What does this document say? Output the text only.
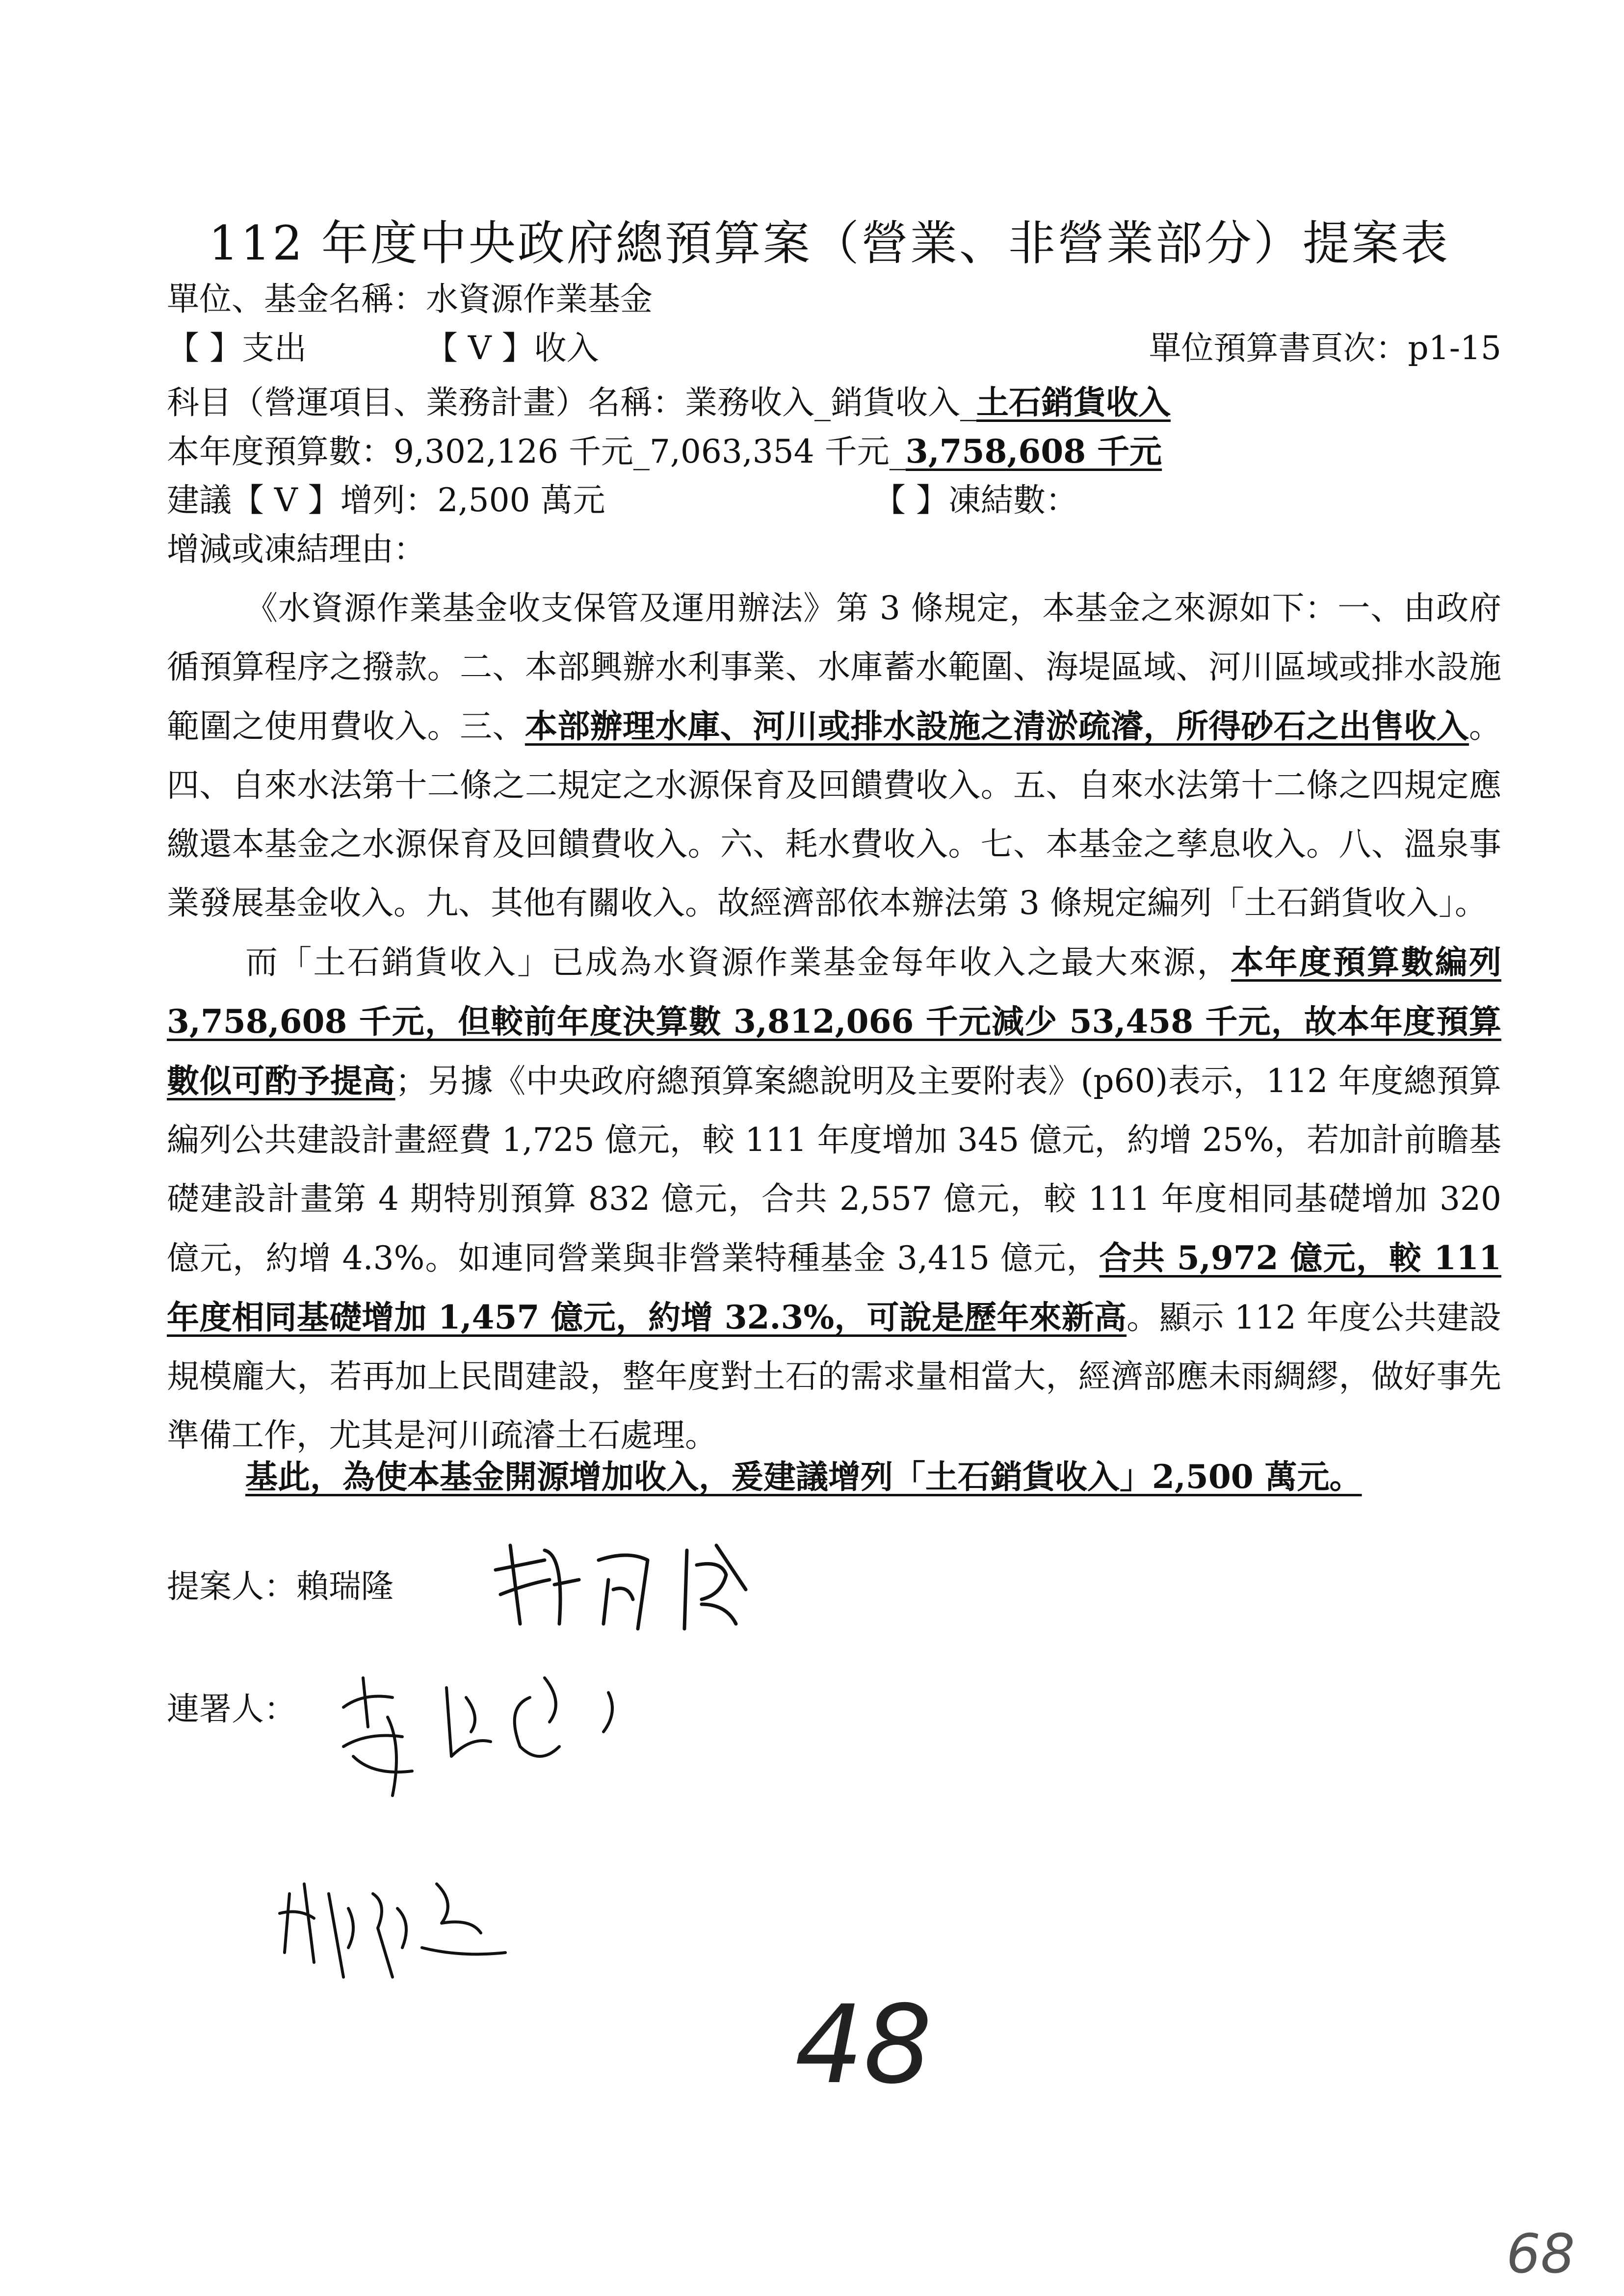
112 年度中央政府總預算案（營業、非營業部分）提案表
單位、基金名稱：水資源作業基金
【 】支出	【 V 】收入	單位預算書頁次：p1-15
科目（營運項目、業務計畫）名稱：業務收入_銷貨收入_土石銷貨收入
本年度預算數：9,302,126 千元_7,063,354 千元_3,758,608 千元
建議【 V 】增列：2,500 萬元	【 】凍結數：
增減或凍結理由：

《水資源作業基金收支保管及運用辦法》第 3 條規定，本基金之來源如下：一、由政府循預算程序之撥款。二、本部興辦水利事業、水庫蓄水範圍、海堤區域、河川區域或排水設施範圍之使用費收入。三、本部辦理水庫、河川或排水設施之清淤疏濬，所得砂石之出售收入。四、自來水法第十二條之二規定之水源保育及回饋費收入。五、自來水法第十二條之四規定應繳還本基金之水源保育及回饋費收入。六、耗水費收入。七、本基金之孳息收入。八、溫泉事業發展基金收入。九、其他有關收入。故經濟部依本辦法第 3 條規定編列「土石銷貨收入」。

而「土石銷貨收入」已成為水資源作業基金每年收入之最大來源，本年度預算數編列 3,758,608 千元，但較前年度決算數 3,812,066 千元減少 53,458 千元，故本年度預算數似可酌予提高；另據《中央政府總預算案總說明及主要附表》(p60)表示，112 年度總預算編列公共建設計畫經費 1,725 億元，較 111 年度增加 345 億元，約增 25%，若加計前瞻基礎建設計畫第 4 期特別預算 832 億元，合共 2,557 億元，較 111 年度相同基礎增加 320 億元，約增 4.3%。如連同營業與非營業特種基金 3,415 億元，合共 5,972 億元，較 111 年度相同基礎增加 1,457 億元，約增 32.3%，可說是歷年來新高。顯示 112 年度公共建設規模龐大，若再加上民間建設，整年度對土石的需求量相當大，經濟部應未雨綢繆，做好事先準備工作，尤其是河川疏濬土石處理。

基此，為使本基金開源增加收入，爰建議增列「土石銷貨收入」2,500 萬元。
提案人：賴瑞隆
連署人：
48
68
